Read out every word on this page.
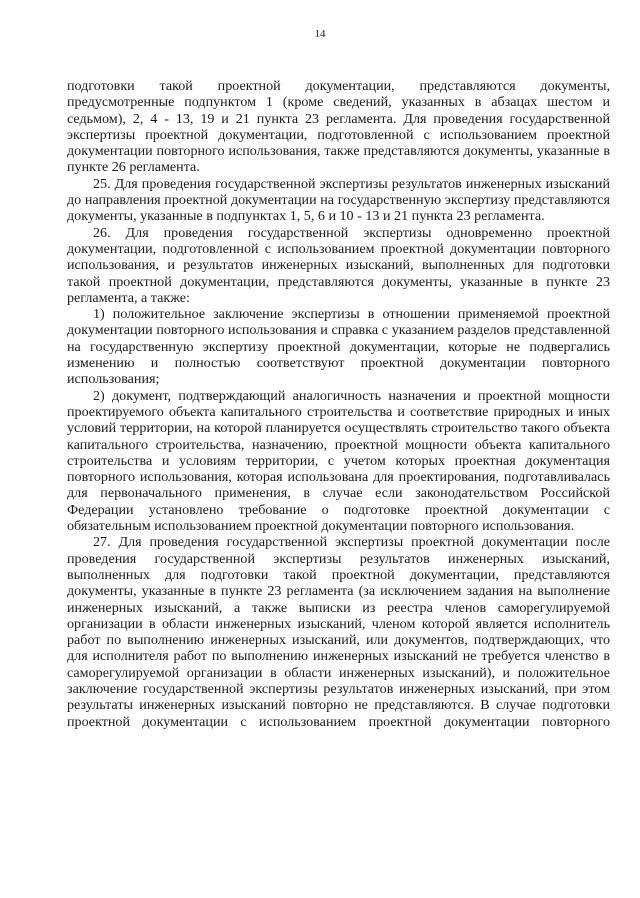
14

подготовки такой проектной документации, представляются документы, предусмотренные подпунктом 1 (кроме сведений, указанных в абзацах шестом и седьмом), 2, 4 - 13, 19 и 21 пункта 23 регламента. Для проведения государственной экспертизы проектной документации, подготовленной с использованием проектной документации повторного использования, также представляются документы, указанные в пункте 26 регламента.

25. Для проведения государственной экспертизы результатов инженерных изысканий до направления проектной документации на государственную экспертизу представляются документы, указанные в подпунктах 1, 5, 6 и 10 - 13 и 21 пункта 23 регламента.

26. Для проведения государственной экспертизы одновременно проектной документации, подготовленной с использованием проектной документации повторного использования, и результатов инженерных изысканий, выполненных для подготовки такой проектной документации, представляются документы, указанные в пункте 23 регламента, а также:

1) положительное заключение экспертизы в отношении применяемой проектной документации повторного использования и справка с указанием разделов представленной на государственную экспертизу проектной документации, которые не подвергались изменению и полностью соответствуют проектной документации повторного использования;

2) документ, подтверждающий аналогичность назначения и проектной мощности проектируемого объекта капитального строительства и соответствие природных и иных условий территории, на которой планируется осуществлять строительство такого объекта капитального строительства, назначению, проектной мощности объекта капитального строительства и условиям территории, с учетом которых проектная документация повторного использования, которая использована для проектирования, подготавливалась для первоначального применения, в случае если законодательством Российской Федерации установлено требование о подготовке проектной документации с обязательным использованием проектной документации повторного использования.

27. Для проведения государственной экспертизы проектной документации после проведения государственной экспертизы результатов инженерных изысканий, выполненных для подготовки такой проектной документации, представляются документы, указанные в пункте 23 регламента (за исключением задания на выполнение инженерных изысканий, а также выписки из реестра членов саморегулируемой организации в области инженерных изысканий, членом которой является исполнитель работ по выполнению инженерных изысканий, или документов, подтверждающих, что для исполнителя работ по выполнению инженерных изысканий не требуется членство в саморегулируемой организации в области инженерных изысканий), и положительное заключение государственной экспертизы результатов инженерных изысканий, при этом результаты инженерных изысканий повторно не представляются. В случае подготовки проектной документации с использованием проектной документации повторного
